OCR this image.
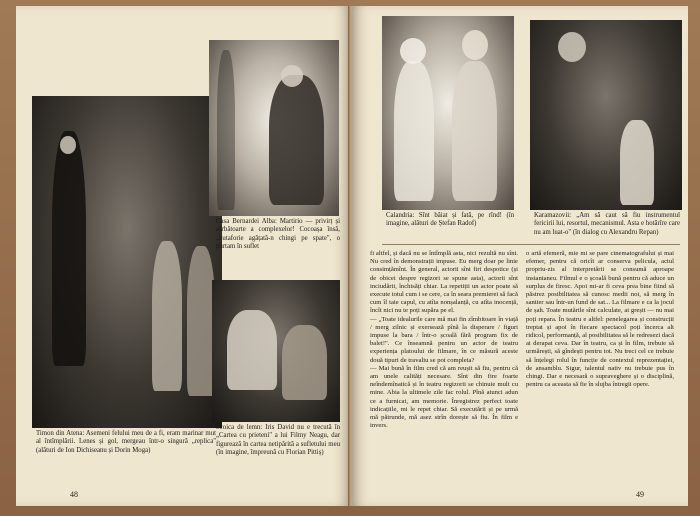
Casa Bernardei Alba: Martirio — privirț și sărbătoarte a complexelor! Cocoașa însă, „butaforie agățată-n chingi pe spate", o purtam în suflet
Timon din Atena: Asemeni felului meu de a fi, eram marinar mut al întîmplării. Lenes și gol, mergeau într-o singură „replica" (alături de Ion Dichiseanu și Dorin Moga)
Scoica de lemn: Iris David nu e trecută în „Cartea cu prieteni" a lui Filmy Neagu, dar figurează în cartea netipărită a sufletului meu (în imagine, împreună cu Florian Pittiș)
48
Calandria: Sînt băiat și fată, pe rînd! (în imagine, alături de Ștefan Radof)
Karamazovii: „Am să caut să fiu instrumentul fericirii lui, resortul, mecanismul. Asta e hotărîre care nu am luat-o" (în dialog cu Alexandru Repan)
fi altfel, și dacă nu se întîmplă asta, nici rezultă nu sînt. Nu cred în demonstrații impuse. Eu merg doar pe linie consimțămînt. În general, actorii sînt firi despotice (și de obicei despre regizori se spune asta), actorii sînt inciudării, închisăți chiar. La repetiții un actor poate să execute totul cum i se cere, ca în seara premierei să facă cum îl taie capul, cu atîta nonșalanță, cu atîta inocență, încît nici nu te poți supăra pe el.
— „Toate idealurile care mă mai fin zîmbitoare în viață / merg zilnic și exersează pînă la disperare / figuri impuse la bara / într-o școală fără program fix de balet!". Ce înseamnă pentru un actor de teatru experiența platoului de filmare, în ce măsură aceste două tipuri de travaliu se pot completa?
— Mai bună în film cred că am reușit să fiu, pentru că am unele calități necesare. Sînt din fire foarte neîndemînatică și în teatru regizorii se chinuie mult cu mine. Abia la ultimele zile fac rolul. Pînă atunci adun ce a furnicat, am memorie. Înregistrez perfect toate indicațiile, mi le repet chiar. Să executării și pe urmă mă pătrunde, mă asez strîn dorește să fiu. În film e invers.
o artă efemeră, mie mi se pare cinematografului și mai efemer, pentru că oricît ar conserva pelicula, actul propriu-zis al interpretării se consumă aproape instantaneu. Filmul e o școală bună pentru că aduce un surplus de firesc. Apoi mi-ar fi ceva prea bine fiind să păstrez posibilitatea să cunosc medii noi, să merg în santier sau într-un fund de sat... La filmare e ca la jocul de șah. Toate mutările sînt calculate, ai greșit — nu mai poți repara. În teatru e altfel: penelegarea și construcții treptat și apoi în fiecare spectacol poți încerca alt ridicol, performanță, al posibilitatea să le redresezi dacă ai derapat ceva. Dar în teatru, ca și în film, trebuie să urmărești, să gîndești pentru tot. Nu treci cel ce trebuie să înțelegi rolul în funcție de contextul reprezentației, de ansamblu. Sigur, talentul nativ nu trebuie pus în chingi. Dar e necesară o supraveghere și o disciplină, pentru ca aceasta să fie în slujba întregii opere.
49
